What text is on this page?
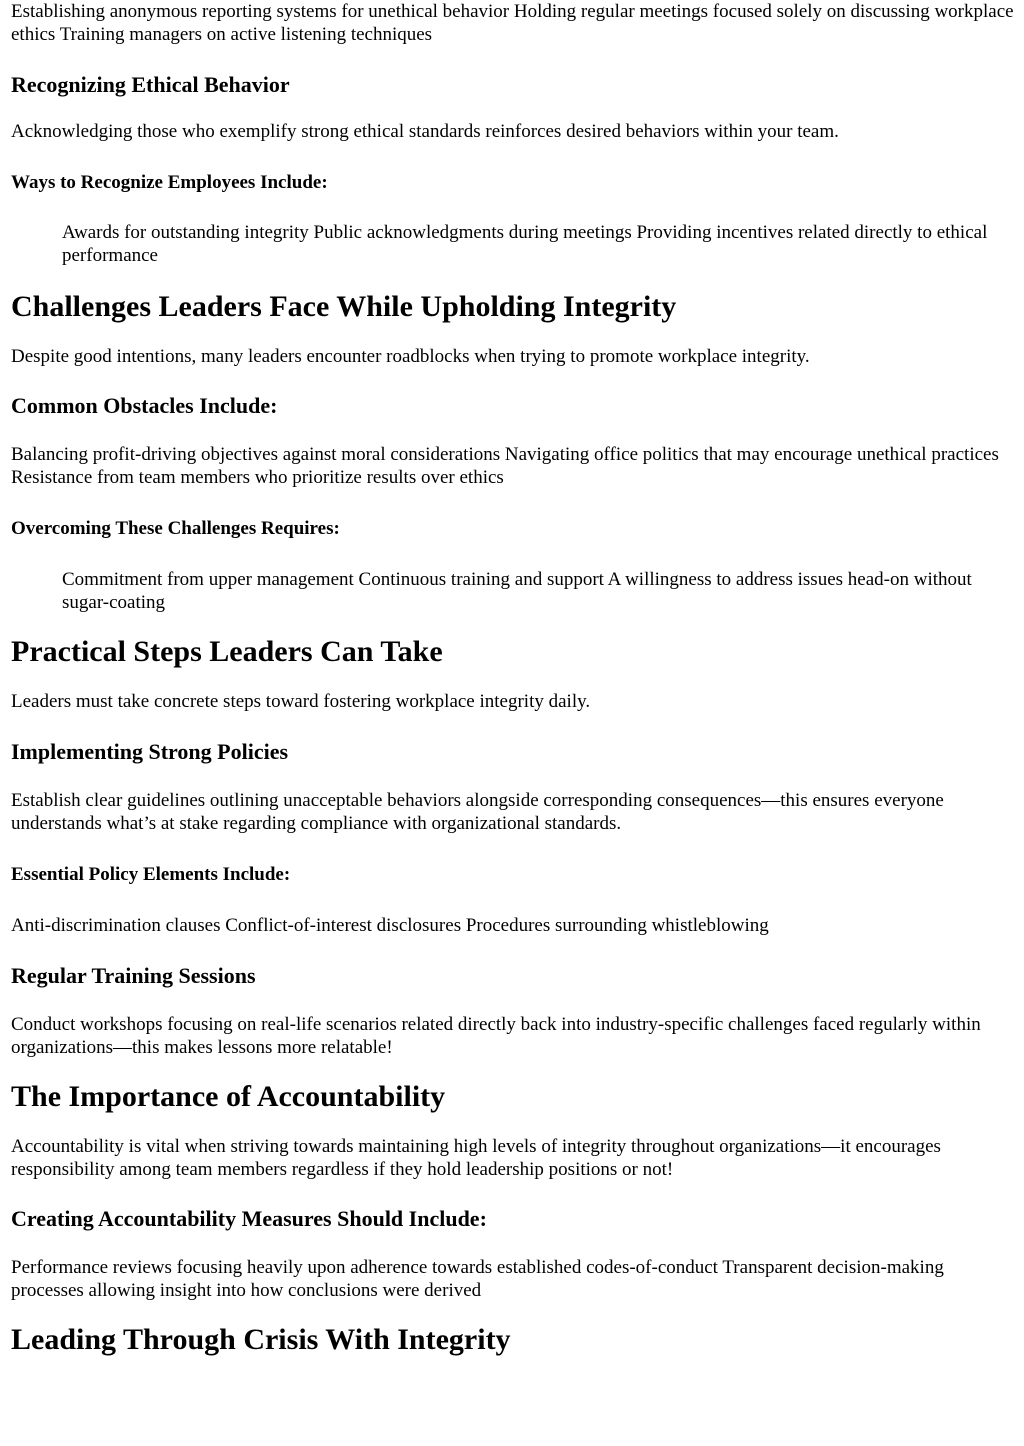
Establishing anonymous reporting systems for unethical behavior Holding regular meetings focused solely on discussing workplace ethics Training managers on active listening techniques

Recognizing Ethical Behavior

Acknowledging those who exemplify strong ethical standards reinforces desired behaviors within your team.

Ways to Recognize Employees Include:
Awards for outstanding integrity Public acknowledgments during meetings Providing incentives related directly to ethical performance
Challenges Leaders Face While Upholding Integrity

Despite good intentions, many leaders encounter roadblocks when trying to promote workplace integrity.

Common Obstacles Include:

Balancing profit-driving objectives against moral considerations Navigating office politics that may encourage unethical practices Resistance from team members who prioritize results over ethics

Overcoming These Challenges Requires:
Commitment from upper management Continuous training and support A willingness to address issues head-on without sugar-coating
Practical Steps Leaders Can Take

Leaders must take concrete steps toward fostering workplace integrity daily.

Implementing Strong Policies

Establish clear guidelines outlining unacceptable behaviors alongside corresponding consequences—this ensures everyone understands what’s at stake regarding compliance with organizational standards.

Essential Policy Elements Include:

Anti-discrimination clauses Conflict-of-interest disclosures Procedures surrounding whistleblowing

Regular Training Sessions

Conduct workshops focusing on real-life scenarios related directly back into industry-specific challenges faced regularly within organizations—this makes lessons more relatable!

The Importance of Accountability

Accountability is vital when striving towards maintaining high levels of integrity throughout organizations—it encourages responsibility among team members regardless if they hold leadership positions or not!

Creating Accountability Measures Should Include:

Performance reviews focusing heavily upon adherence towards established codes-of-conduct Transparent decision-making processes allowing insight into how conclusions were derived

Leading Through Crisis With Integrity
